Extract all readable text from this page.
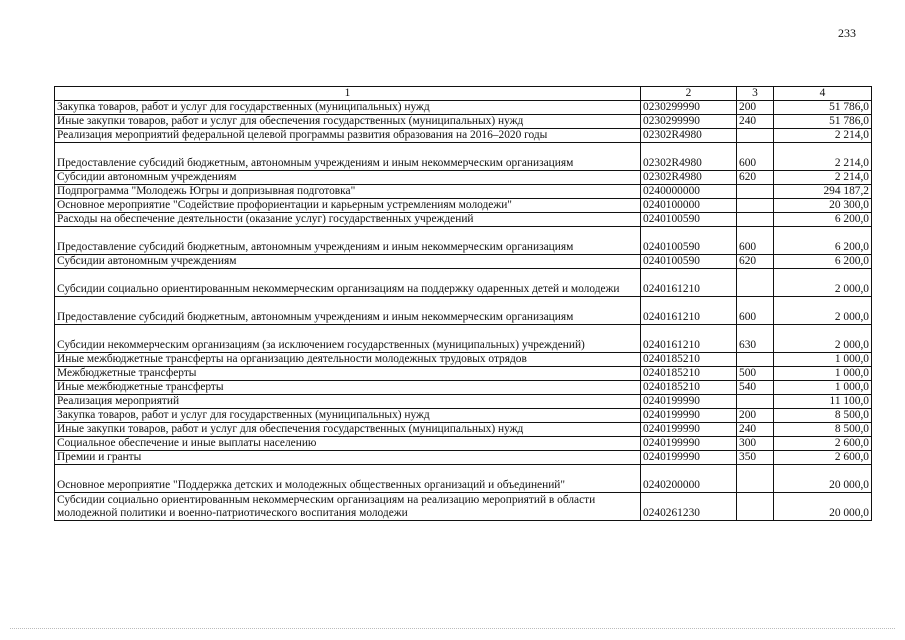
233
1	2	3	4
Закупка товаров, работ и услуг для государственных (муниципальных) нужд	0230299990	200	51 786,0
Иные закупки товаров, работ и услуг для обеспечения государственных (муниципальных) нужд	0230299990	240	51 786,0
Реализация мероприятий федеральной целевой программы развития образования на 2016–2020 годы	02302R4980		2 214,0
Предоставление субсидий бюджетным, автономным учреждениям и иным некоммерческим организациям	02302R4980	600	2 214,0
Субсидии автономным учреждениям	02302R4980	620	2 214,0
Подпрограмма "Молодежь Югры и допризывная подготовка"	0240000000		294 187,2
Основное мероприятие "Содействие профориентации и карьерным устремлениям молодежи"	0240100000		20 300,0
Расходы на обеспечение деятельности (оказание услуг) государственных учреждений	0240100590		6 200,0
Предоставление субсидий бюджетным, автономным учреждениям и иным некоммерческим организациям	0240100590	600	6 200,0
Субсидии автономным учреждениям	0240100590	620	6 200,0
Субсидии социально ориентированным некоммерческим организациям на поддержку одаренных детей и молодежи	0240161210		2 000,0
Предоставление субсидий бюджетным, автономным учреждениям и иным некоммерческим организациям	0240161210	600	2 000,0
Субсидии некоммерческим организациям (за исключением государственных (муниципальных) учреждений)	0240161210	630	2 000,0
Иные межбюджетные трансферты на организацию деятельности молодежных трудовых отрядов	0240185210		1 000,0
Межбюджетные трансферты	0240185210	500	1 000,0
Иные межбюджетные трансферты	0240185210	540	1 000,0
Реализация мероприятий	0240199990		11 100,0
Закупка товаров, работ и услуг для государственных (муниципальных) нужд	0240199990	200	8 500,0
Иные закупки товаров, работ и услуг для обеспечения государственных (муниципальных) нужд	0240199990	240	8 500,0
Социальное обеспечение и иные выплаты населению	0240199990	300	2 600,0
Премии и гранты	0240199990	350	2 600,0
Основное мероприятие "Поддержка детских и молодежных общественных организаций и объединений"	0240200000		20 000,0
Субсидии социально ориентированным некоммерческим организациям на реализацию мероприятий в области молодежной политики и военно-патриотического воспитания молодежи	0240261230		20 000,0
